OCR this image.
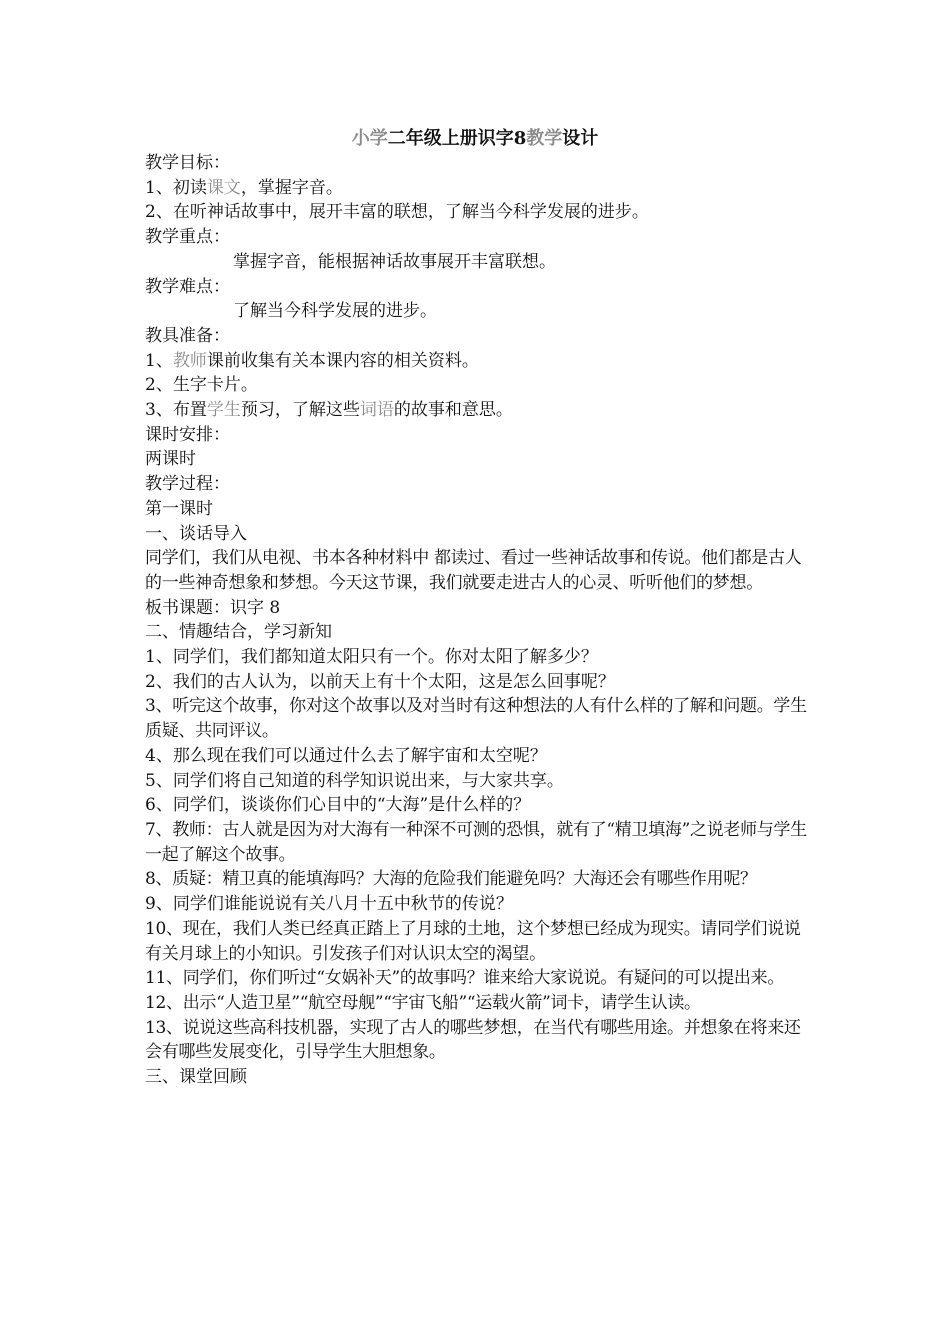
小学二年级上册识字8教学设计

教学目标：

1、初读课文，掌握字音。

2、在听神话故事中，展开丰富的联想，了解当今科学发展的进步。

教学重点：

掌握字音，能根据神话故事展开丰富联想。

教学难点：

了解当今科学发展的进步。

教具准备：

1、教师课前收集有关本课内容的相关资料。

2、生字卡片。

3、布置学生预习，了解这些词语的故事和意思。

课时安排：

两课时

教学过程：

第一课时

一、谈话导入

同学们，我们从电视、书本各种材料中 都读过、看过一些神话故事和传说。他们都是古人的一些神奇想象和梦想。今天这节课，我们就要走进古人的心灵、听听他们的梦想。

板书课题：识字 8

二、情趣结合，学习新知

1、同学们，我们都知道太阳只有一个。你对太阳了解多少？

2、我们的古人认为，以前天上有十个太阳，这是怎么回事呢？

3、听完这个故事，你对这个故事以及对当时有这种想法的人有什么样的了解和问题。学生质疑、共同评议。

4、那么现在我们可以通过什么去了解宇宙和太空呢？

5、同学们将自己知道的科学知识说出来，与大家共享。

6、同学们，谈谈你们心目中的“大海”是什么样的？

7、教师：古人就是因为对大海有一种深不可测的恐惧，就有了“精卫填海”之说老师与学生一起了解这个故事。

8、质疑：精卫真的能填海吗？大海的危险我们能避免吗？大海还会有哪些作用呢？

9、同学们谁能说说有关八月十五中秋节的传说？

10、现在，我们人类已经真正踏上了月球的土地，这个梦想已经成为现实。请同学们说说有关月球上的小知识。引发孩子们对认识太空的渴望。

11、同学们，你们听过“女娲补天”的故事吗？谁来给大家说说。有疑问的可以提出来。

12、出示“人造卫星”“航空母舰”“宇宙飞船”“运载火箭”词卡，请学生认读。

13、说说这些高科技机器，实现了古人的哪些梦想，在当代有哪些用途。并想象在将来还会有哪些发展变化，引导学生大胆想象。

三、课堂回顾
